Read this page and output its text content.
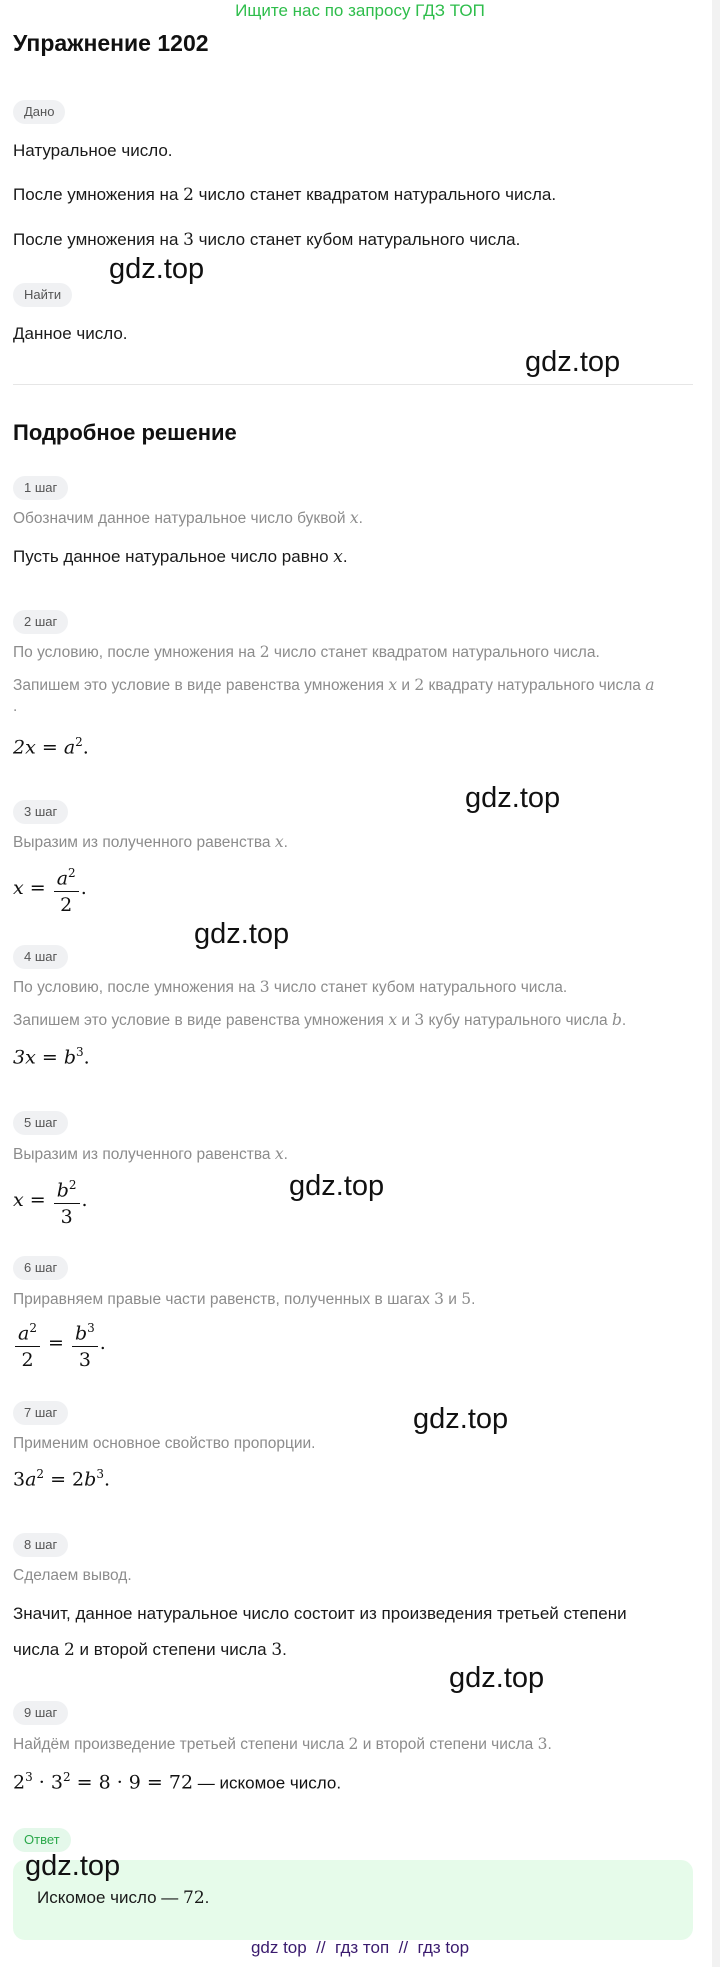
Ищите нас по запросу ГДЗ ТОП
Упражнение 1202
Дано
Натуральное число.
После умножения на 2 число станет квадратом натурального числа.
После умножения на 3 число станет кубом натурального числа.
Найти
Данное число.
Подробное решение
1 шаг
Обозначим данное натуральное число буквой x.
Пусть данное натуральное число равно x.
2 шаг
По условию, после умножения на 2 число станет квадратом натурального числа.
Запишем это условие в виде равенства умножения x и 2 квадрату натурального числа a
.
$2x = a^2$.
3 шаг
Выразим из полученного равенства x.
$x = \frac{a^2}{2}$ .
4 шаг
По условию, после умножения на 3 число станет кубом натурального числа.
Запишем это условие в виде равенства умножения x и 3 кубу натурального числа b.
$3x = b^3$.
5 шаг
Выразим из полученного равенства x.
$x = \frac{b^2}{3}$ .
6 шаг
Приравняем правые части равенств, полученных в шагах 3 и 5.
$\frac{a^2}{2} = \frac{b^3}{3}$ .
7 шаг
Применим основное свойство пропорции.
$3a^2 = 2b^3$.
8 шаг
Сделаем вывод.
Значит, данное натуральное число состоит из произведения третьей степени
числа 2 и второй степени числа 3.
9 шаг
Найдём произведение третьей степени числа 2 и второй степени числа 3.
$2^3 \cdot 3^2 = 8 \cdot 9 = 72$ — искомое число.
Ответ
Искомое число — 72.
gdz.top
gdz.top
gdz.top
gdz.top
gdz.top
gdz.top
gdz.top
gdz.top
gdz top  //  гдз топ  //  гдз top
